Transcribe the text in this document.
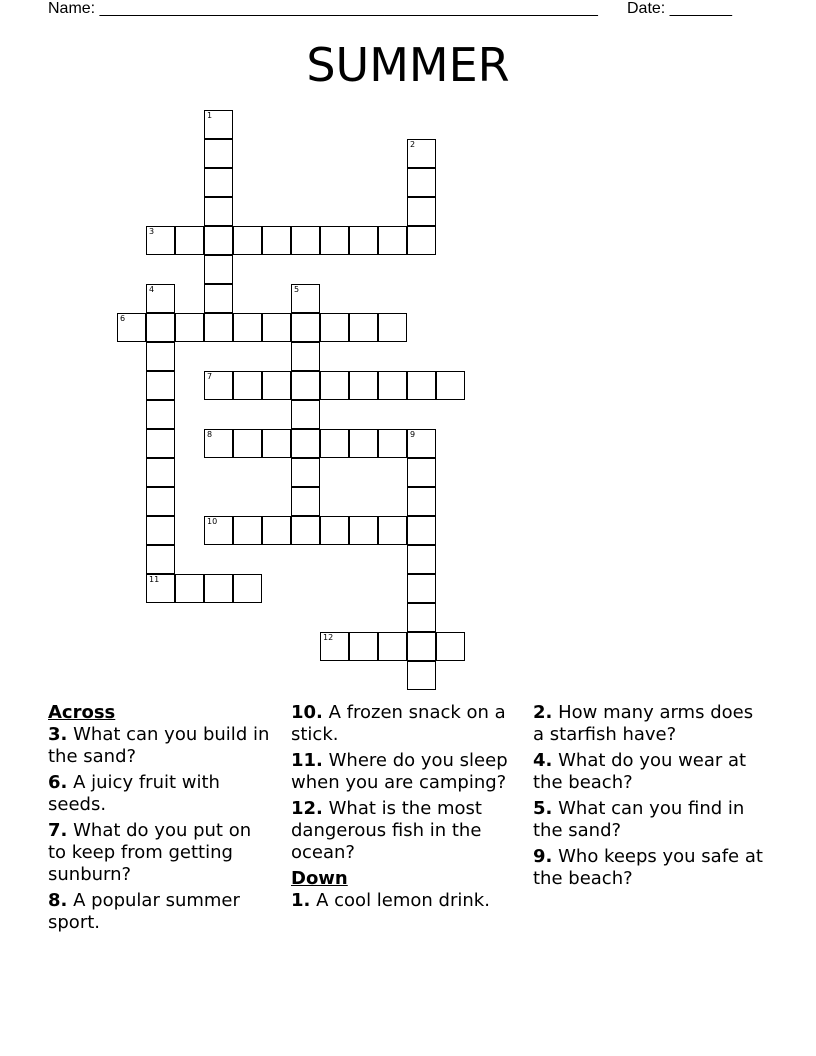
Name: ________________________________________________________ Date: _______
SUMMER
1
2
3
4
11
5
6
7
8	9
10
12
Across
3. What can you build in the sand?
6. A juicy fruit with seeds.
7. What do you put on to keep from getting sunburn?
8. A popular summer sport.
10. A frozen snack on a stick.
11. Where do you sleep when you are camping?
12. What is the most dangerous fish in the ocean?
Down
1. A cool lemon drink.
2. How many arms does a starfish have?
4. What do you wear at the beach?
5. What can you find in the sand?
9. Who keeps you safe at the beach?
